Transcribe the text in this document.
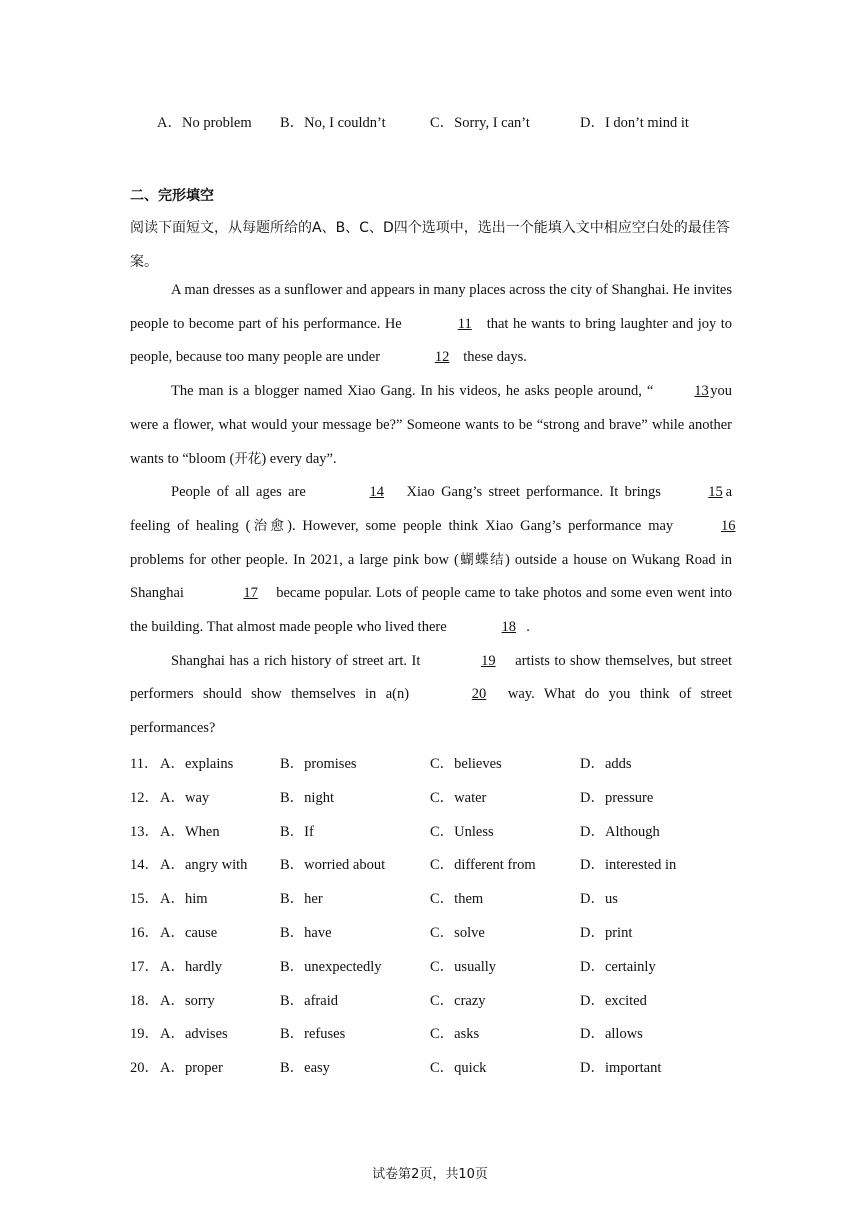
A．No problem B．No, I couldn’t	C．Sorry, I can’t	D．I don’t mind it
二、完形填空
阅读下面短文，从每题所给的A、B、C、D四个选项中，选出一个能填入文中相应空白处的最佳答案。

A man dresses as a sunflower and appears in many places across the city of Shanghai. He invites people to become part of his performance. He	11 that he wants to bring laughter and joy to people, because too many people are under	12 these days.

The man is a blogger named Xiao Gang. In his videos, he asks people around, “	13 you were a flower, what would your message be?” Someone wants to be “strong and brave” while another wants to “bloom (开花) every day”.

People of all ages are	14 Xiao Gang’s street performance. It brings	15 a feeling of healing (治愈). However, some people think Xiao Gang’s performance may	16 problems for other people. In 2021, a large pink bow (蝴蝶结) outside a house on Wukang Road in Shanghai	17 became popular. Lots of people came to take photos and some even went into the building. That almost made people who lived there	18 .

Shanghai has a rich history of street art. It	19 artists to show themselves, but street performers should show themselves in a(n)	20 way. What do you think of street performances?

11． A．explains	B．promises	C．believes	D．adds
12． A．way	B．night	C．water	D．pressure
13． A．When	B．If	C．Unless	D．Although
14． A．angry with B．worried about	C．different from	D．interested in
15． A．him	B．her	C．them	D．us
16． A．cause	B．have	C．solve	D．print
17． A．hardly	B．unexpectedly	C．usually	D．certainly
18． A．sorry	B．afraid	C．crazy	D．excited
19． A．advises	B．refuses	C．asks	D．allows
20． A．proper	B．easy	C．quick	D．important
试卷第2页，共10页
